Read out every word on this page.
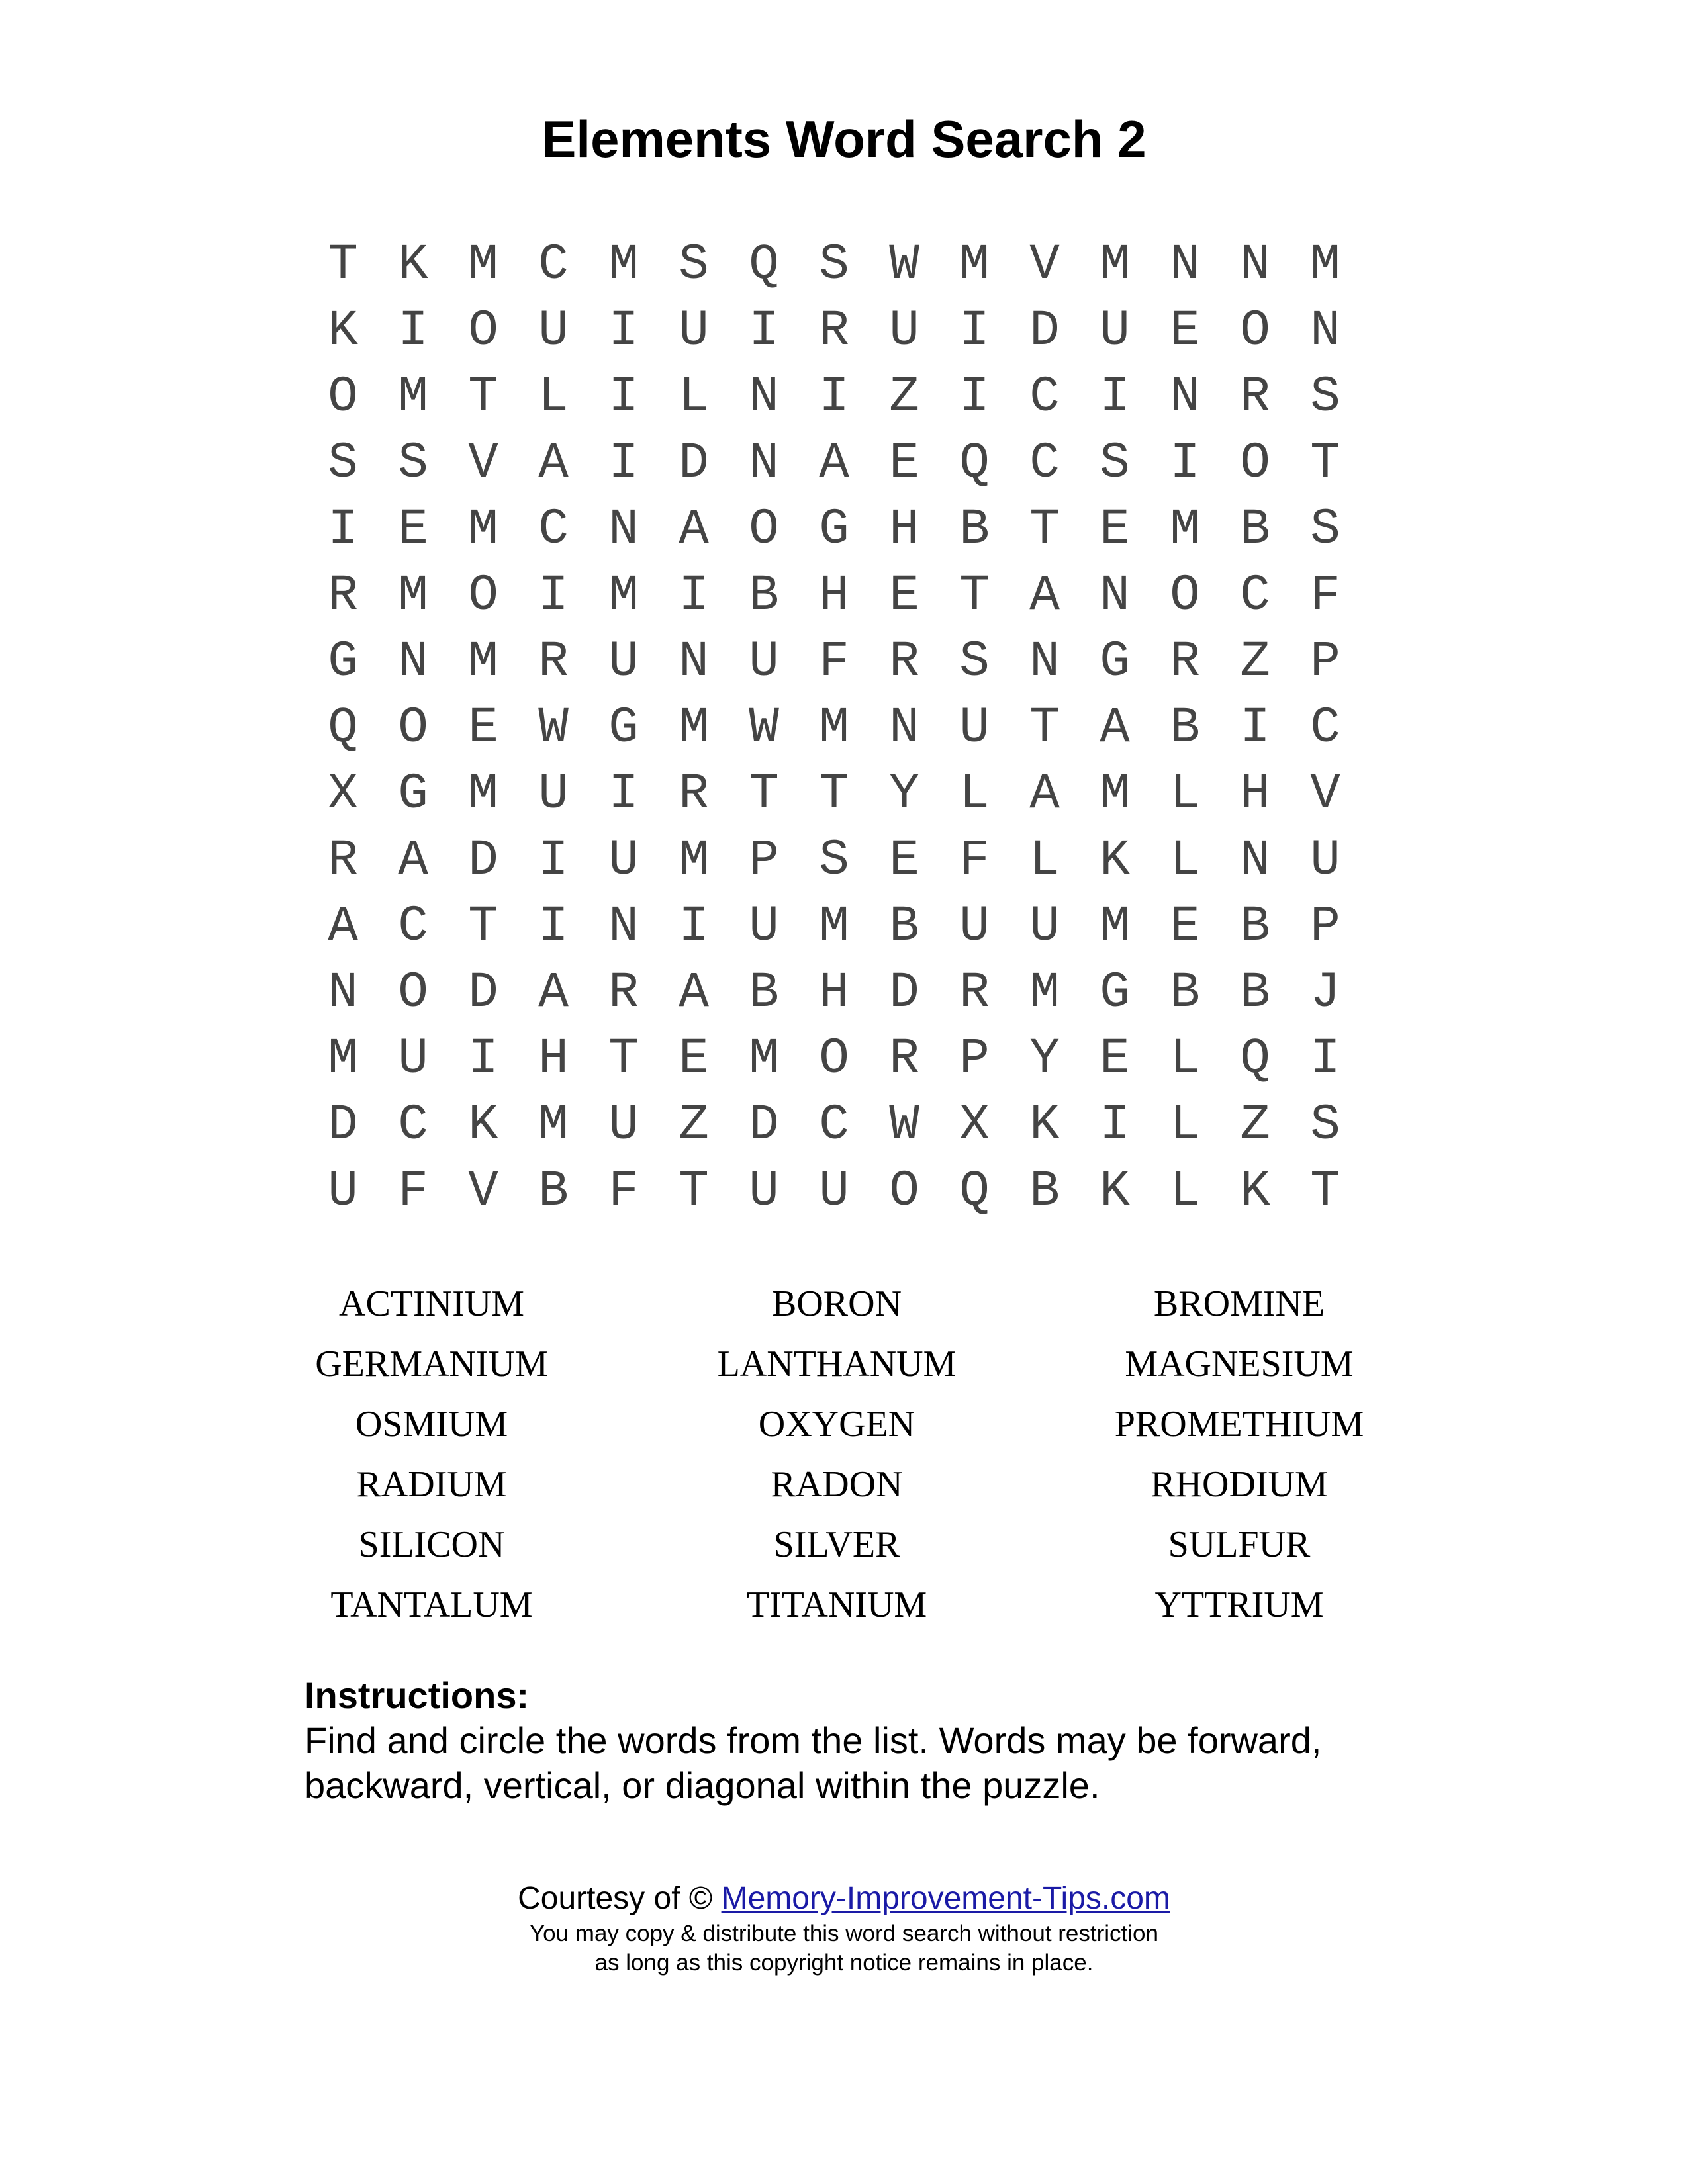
Elements Word Search 2
T K M C M S Q S W M V M N N M
K I O U I U I R U I D U E O N
O M T L I L N I Z I C I N R S
S S V A I D N A E Q C S I O T
I E M C N A O G H B T E M B S
R M O I M I B H E T A N O C F
G N M R U N U F R S N G R Z P
Q O E W G M W M N U T A B I C
X G M U I R T T Y L A M L H V
R A D I U M P S E F L K L N U
A C T I N I U M B U U M E B P
N O D A R A B H D R M G B B J
M U I H T E M O R P Y E L Q I
D C K M U Z D C W X K I L Z S
U F V B F T U U O Q B K L K T
ACTINIUM	BORON	BROMINE
GERMANIUM	LANTHANUM	MAGNESIUM
OSMIUM	OXYGEN	PROMETHIUM
RADIUM	RADON	RHODIUM
SILICON	SILVER	SULFUR
TANTALUM	TITANIUM	YTTRIUM
Instructions:
Find and circle the words from the list. Words may be forward,
backward, vertical, or diagonal within the puzzle.
Courtesy of © Memory-Improvement-Tips.com
You may copy & distribute this word search without restriction
as long as this copyright notice remains in place.
